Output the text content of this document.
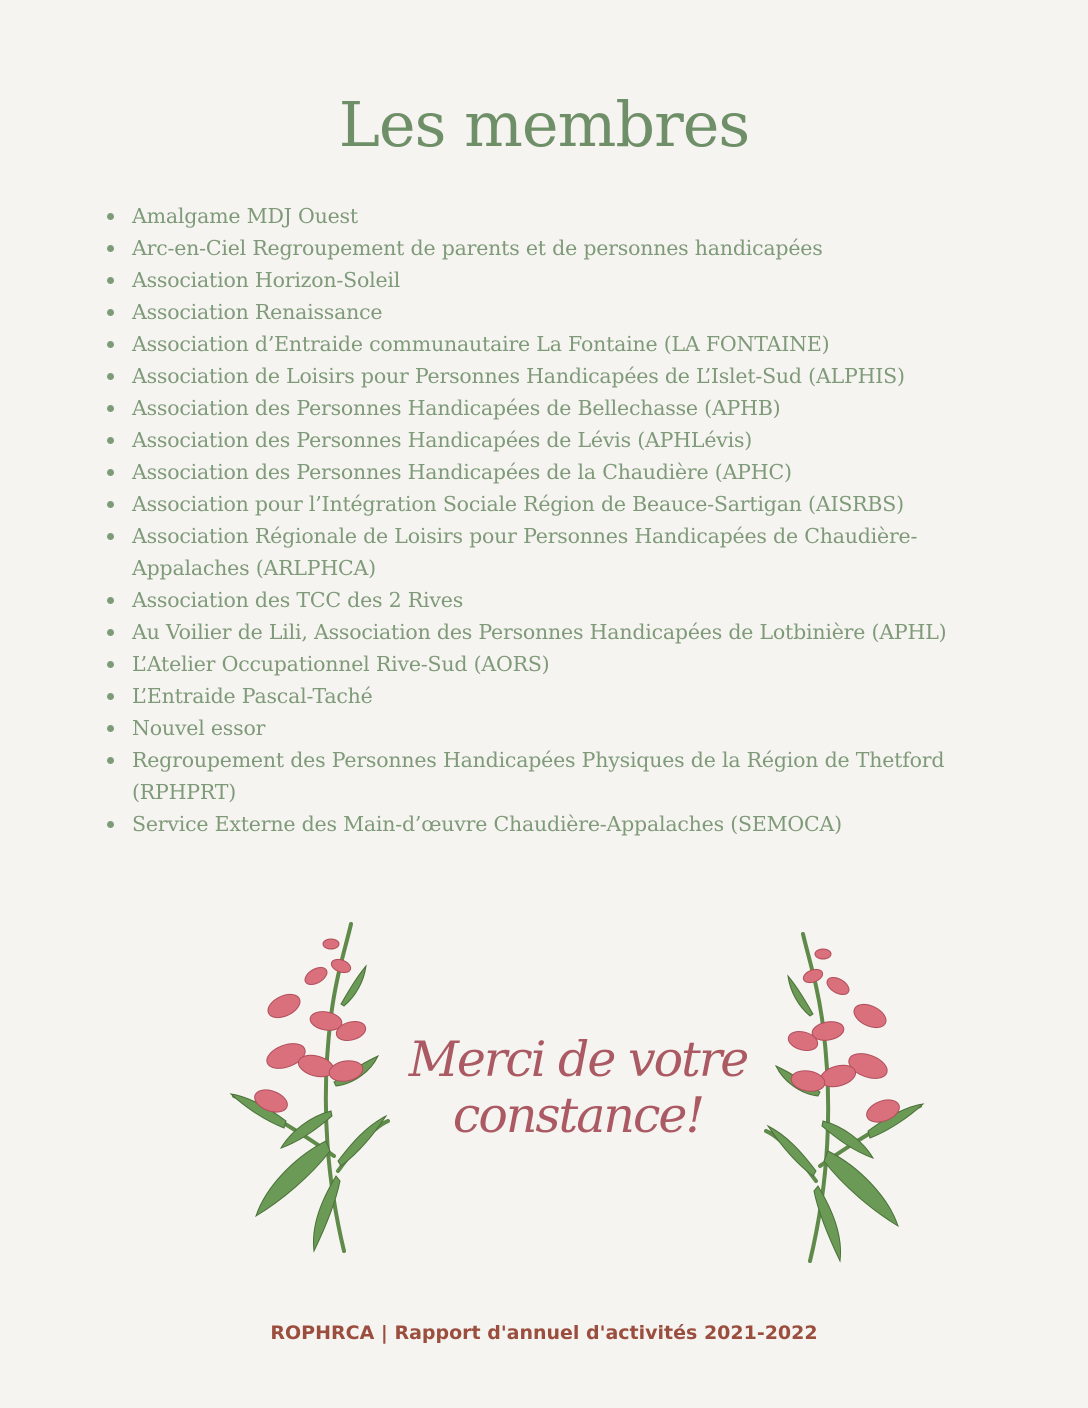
Les membres
Amalgame MDJ Ouest
Arc-en-Ciel Regroupement de parents et de personnes handicapées
Association Horizon-Soleil
Association Renaissance
Association d’Entraide communautaire La Fontaine (LA FONTAINE)
Association de Loisirs pour Personnes Handicapées de L’Islet-Sud (ALPHIS)
Association des Personnes Handicapées de Bellechasse (APHB)
Association des Personnes Handicapées de Lévis (APHLévis)
Association des Personnes Handicapées de la Chaudière (APHC)
Association pour l’Intégration Sociale Région de Beauce-Sartigan (AISRBS)
Association Régionale de Loisirs pour Personnes Handicapées de Chaudière-Appalaches (ARLPHCA)
Association des TCC des 2 Rives
Au Voilier de Lili, Association des Personnes Handicapées de Lotbinière (APHL)
L’Atelier Occupationnel Rive-Sud (AORS)
L’Entraide Pascal-Taché
Nouvel essor
Regroupement des Personnes Handicapées Physiques de la Région de Thetford (RPHPRT)
Service Externe des Main-d’œuvre Chaudière-Appalaches (SEMOCA)
Merci de votre
constance!

ROPHRCA | Rapport d'annuel d'activités 2021-2022
